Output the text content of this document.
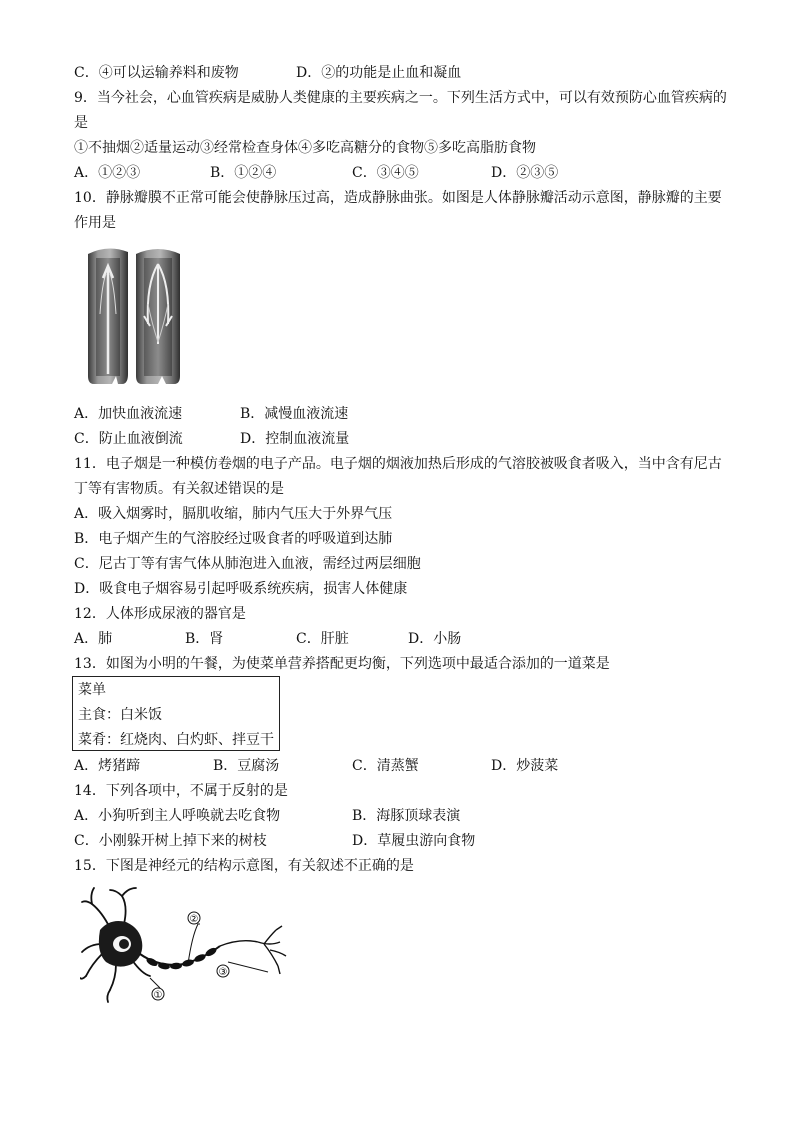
C．④可以运输养料和废物	D．②的功能是止血和凝血
9．当今社会，心血管疾病是威胁人类健康的主要疾病之一。下列生活方式中，可以有效预防心血管疾病的
是
①不抽烟②适量运动③经常检查身体④多吃高糖分的食物⑤多吃高脂肪食物
A．①②③	B．①②④	C．③④⑤	D．②③⑤
10．静脉瓣膜不正常可能会使静脉压过高，造成静脉曲张。如图是人体静脉瓣活动示意图，静脉瓣的主要
作用是
A．加快血液流速	B．减慢血液流速
C．防止血液倒流	D．控制血液流量
11．电子烟是一种模仿卷烟的电子产品。电子烟的烟液加热后形成的气溶胶被吸食者吸入，当中含有尼古
丁等有害物质。有关叙述错误的是
A．吸入烟雾时，膈肌收缩，肺内气压大于外界气压
B．电子烟产生的气溶胶经过吸食者的呼吸道到达肺
C．尼古丁等有害气体从肺泡进入血液，需经过两层细胞
D．吸食电子烟容易引起呼吸系统疾病，损害人体健康
12．人体形成尿液的器官是
A．肺	B．肾	C．肝脏	D．小肠
13．如图为小明的午餐，为使菜单营养搭配更均衡，下列选项中最适合添加的一道菜是
菜单
主食：白米饭
菜肴：红烧肉、白灼虾、拌豆干
A．烤猪蹄	B．豆腐汤	C．清蒸蟹	D．炒菠菜
14．下列各项中，不属于反射的是
A．小狗听到主人呼唤就去吃食物	B．海豚顶球表演
C．小刚躲开树上掉下来的树枝	D．草履虫游向食物
15．下图是神经元的结构示意图，有关叙述不正确的是
①
②
③
